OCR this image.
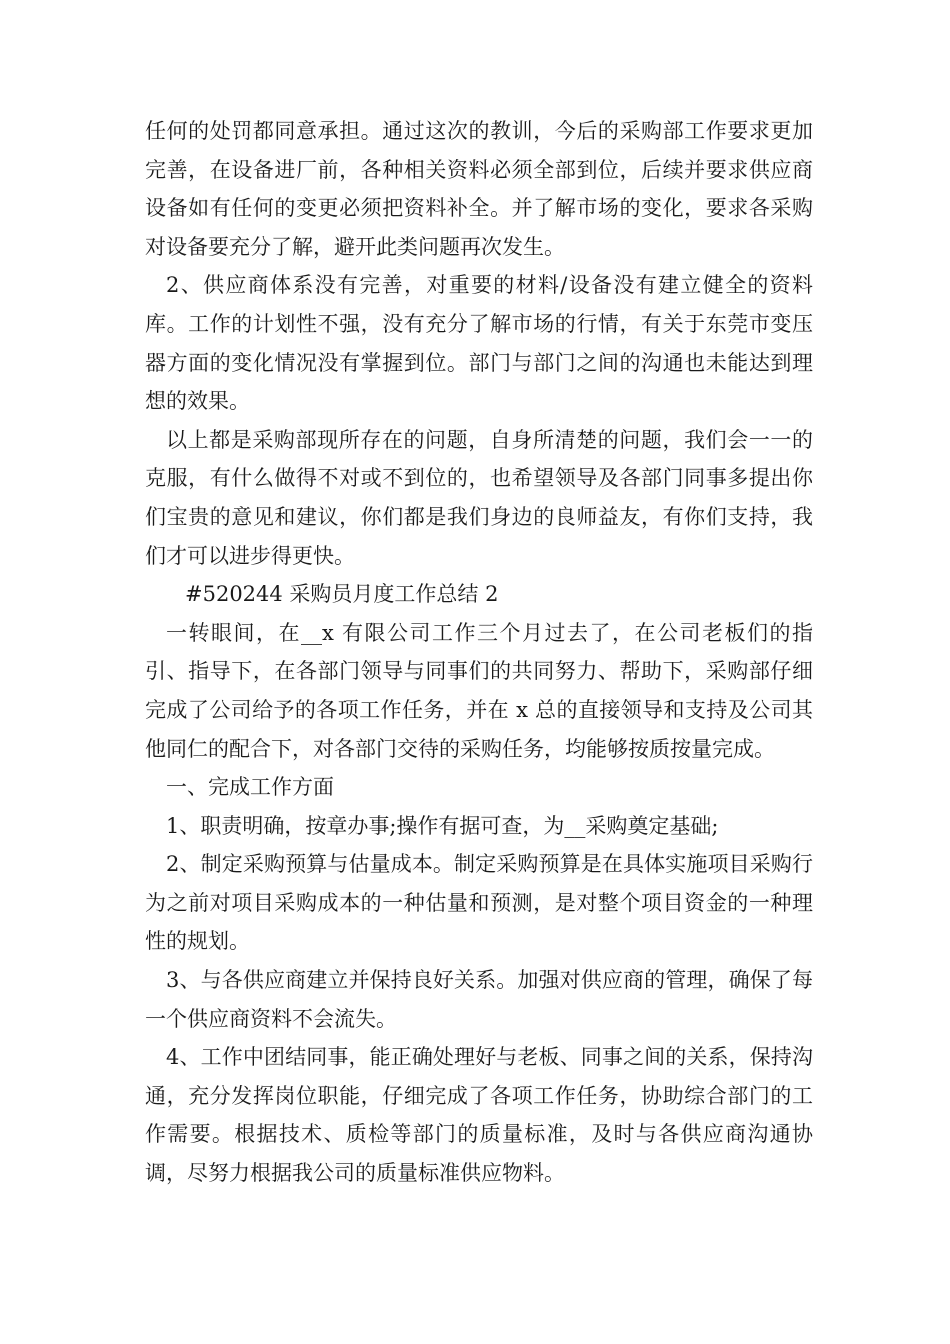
任何的处罚都同意承担。通过这次的教训，今后的采购部工作要求更加完善，在设备进厂前，各种相关资料必须全部到位，后续并要求供应商设备如有任何的变更必须把资料补全。并了解市场的变化，要求各采购对设备要充分了解，避开此类问题再次发生。

2、供应商体系没有完善，对重要的材料/设备没有建立健全的资料库。工作的计划性不强，没有充分了解市场的行情，有关于东莞市变压器方面的变化情况没有掌握到位。部门与部门之间的沟通也未能达到理想的效果。

以上都是采购部现所存在的问题，自身所清楚的问题，我们会一一的克服，有什么做得不对或不到位的，也希望领导及各部门同事多提出你们宝贵的意见和建议，你们都是我们身边的良师益友，有你们支持，我们才可以进步得更快。

#520244 采购员月度工作总结 2

一转眼间，在__x 有限公司工作三个月过去了，在公司老板们的指引、指导下，在各部门领导与同事们的共同努力、帮助下，采购部仔细完成了公司给予的各项工作任务，并在 x 总的直接领导和支持及公司其他同仁的配合下，对各部门交待的采购任务，均能够按质按量完成。

一、完成工作方面

1、职责明确，按章办事;操作有据可查，为__采购奠定基础;

2、制定采购预算与估量成本。制定采购预算是在具体实施项目采购行为之前对项目采购成本的一种估量和预测，是对整个项目资金的一种理性的规划。

3、与各供应商建立并保持良好关系。加强对供应商的管理，确保了每一个供应商资料不会流失。

4、工作中团结同事，能正确处理好与老板、同事之间的关系，保持沟通，充分发挥岗位职能，仔细完成了各项工作任务，协助综合部门的工作需要。根据技术、质检等部门的质量标准，及时与各供应商沟通协调，尽努力根据我公司的质量标准供应物料。
